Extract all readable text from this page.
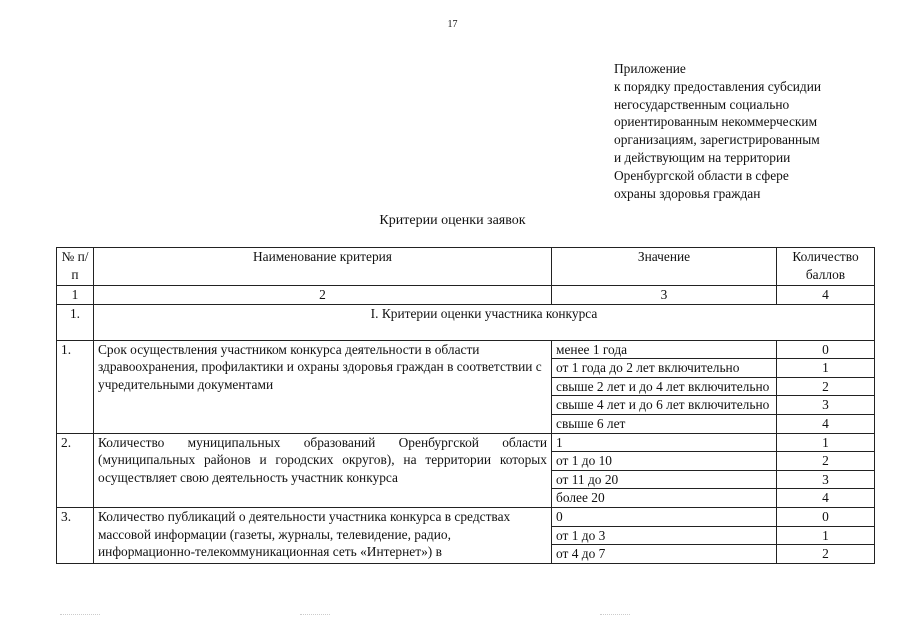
17
Приложение
к порядку предоставления субсидии
негосударственным социально
ориентированным некоммерческим
организациям, зарегистрированным
и действующим на территории
Оренбургской области в сфере
охраны здоровья граждан
Критерии оценки заявок
№ п/п	Наименование критерия	Значение	Количество баллов
1	2	3	4
1.	I. Критерии оценки участника конкурса		
1.	Срок осуществления участником конкурса деятельности в области здравоохранения, профилактики и охраны здоровья граждан в соответствии с учредительными документами	менее 1 года	0
		от 1 года до 2 лет включительно	1
		свыше 2 лет и до 4 лет включительно	2
		свыше 4 лет и до 6 лет включительно	3
		свыше 6 лет	4
2.	Количество муниципальных образований Оренбургской области (муниципальных районов и городских округов), на территории которых осуществляет свою деятельность участник конкурса	1	1
		от 1 до 10	2
		от 11 до 20	3
		более 20	4
3.	Количество публикаций о деятельности участника конкурса в средствах массовой информации (газеты, журналы, телевидение, радио, информационно-телекоммуникационная сеть «Интернет») в	0	0
		от 1 до 3	1
		от 4 до 7	2
